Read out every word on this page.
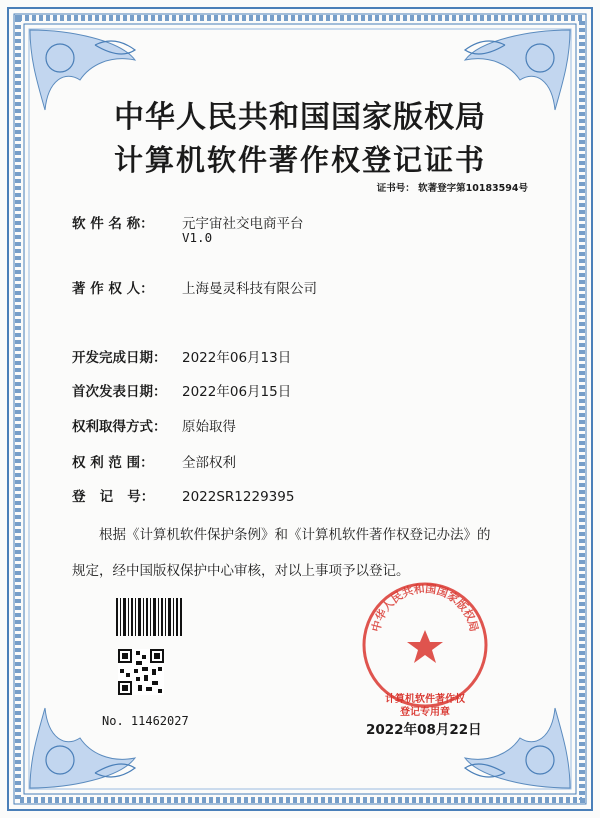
中华人民共和国国家版权局
计算机软件著作权登记证书
证书号： 软著登字第10183594号
软 件 名 称： 元宇宙社交电商平台
V1.0
著 作 权 人： 上海曼灵科技有限公司
开发完成日期： 2022年06月13日
首次发表日期： 2022年06月15日
权利取得方式： 原始取得
权 利 范 围： 全部权利
登   记   号： 2022SR1229395
根据《计算机软件保护条例》和《计算机软件著作权登记办法》的
规定，经中国版权保护中心审核，对以上事项予以登记。
No. 11462027
中华人民共和国国家版权局
计算机软件著作权
登记专用章
2022年08月22日
